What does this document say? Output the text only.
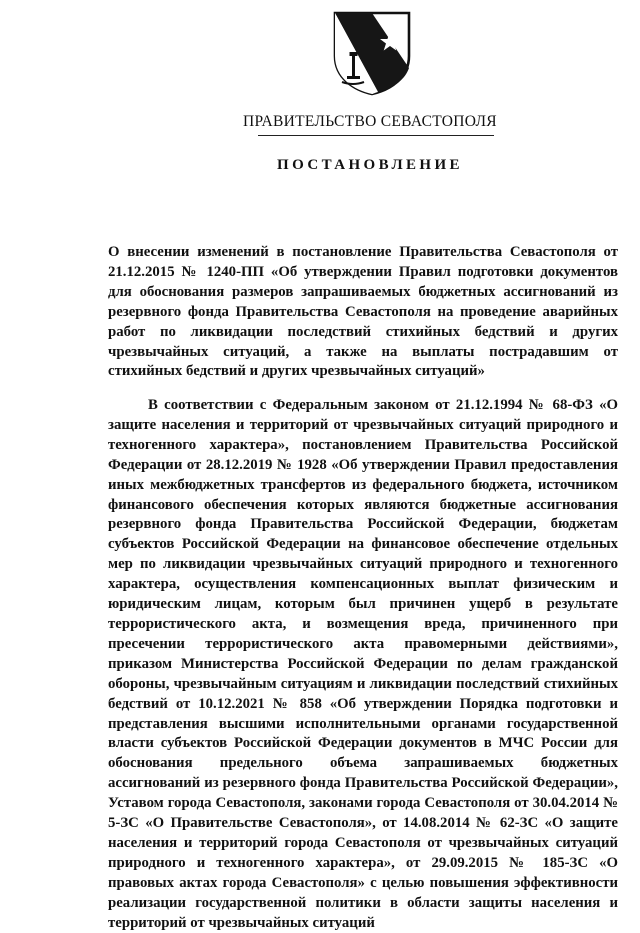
ПРАВИТЕЛЬСТВО СЕВАСТОПОЛЯ
ПОСТАНОВЛЕНИЕ
О внесении изменений в постановление Правительства Севастополя от 21.12.2015 № 1240-ПП «Об утверждении Правил подготовки документов для обоснования размеров запрашиваемых бюджетных ассигнований из резервного фонда Правительства Севастополя на проведение аварийных работ по ликвидации последствий стихийных бедствий и других чрезвычайных ситуаций, а также на выплаты пострадавшим от стихийных бедствий и других чрезвычайных ситуаций»
В соответствии с Федеральным законом от 21.12.1994 № 68-ФЗ «О защите населения и территорий от чрезвычайных ситуаций природного и техногенного характера», постановлением Правительства Российской Федерации от 28.12.2019 № 1928 «Об утверждении Правил предоставления иных межбюджетных трансфертов из федерального бюджета, источником финансового обеспечения которых являются бюджетные ассигнования резервного фонда Правительства Российской Федерации, бюджетам субъектов Российской Федерации на финансовое обеспечение отдельных мер по ликвидации чрезвычайных ситуаций природного и техногенного характера, осуществления компенсационных выплат физическим и юридическим лицам, которым был причинен ущерб в результате террористического акта, и возмещения вреда, причиненного при пресечении террористического акта правомерными действиями», приказом Министерства Российской Федерации по делам гражданской обороны, чрезвычайным ситуациям и ликвидации последствий стихийных бедствий от 10.12.2021 № 858 «Об утверждении Порядка подготовки и представления высшими исполнительными органами государственной власти субъектов Российской Федерации документов в МЧС России для обоснования предельного объема запрашиваемых бюджетных ассигнований из резервного фонда Правительства Российской Федерации», Уставом города Севастополя, законами города Севастополя от 30.04.2014 № 5-ЗС «О Правительстве Севастополя», от 14.08.2014 № 62-ЗС «О защите населения и территорий города Севастополя от чрезвычайных ситуаций природного и техногенного характера», от 29.09.2015 № 185-ЗС «О правовых актах города Севастополя» с целью повышения эффективности реализации государственной политики в области защиты населения и территорий от чрезвычайных ситуаций
